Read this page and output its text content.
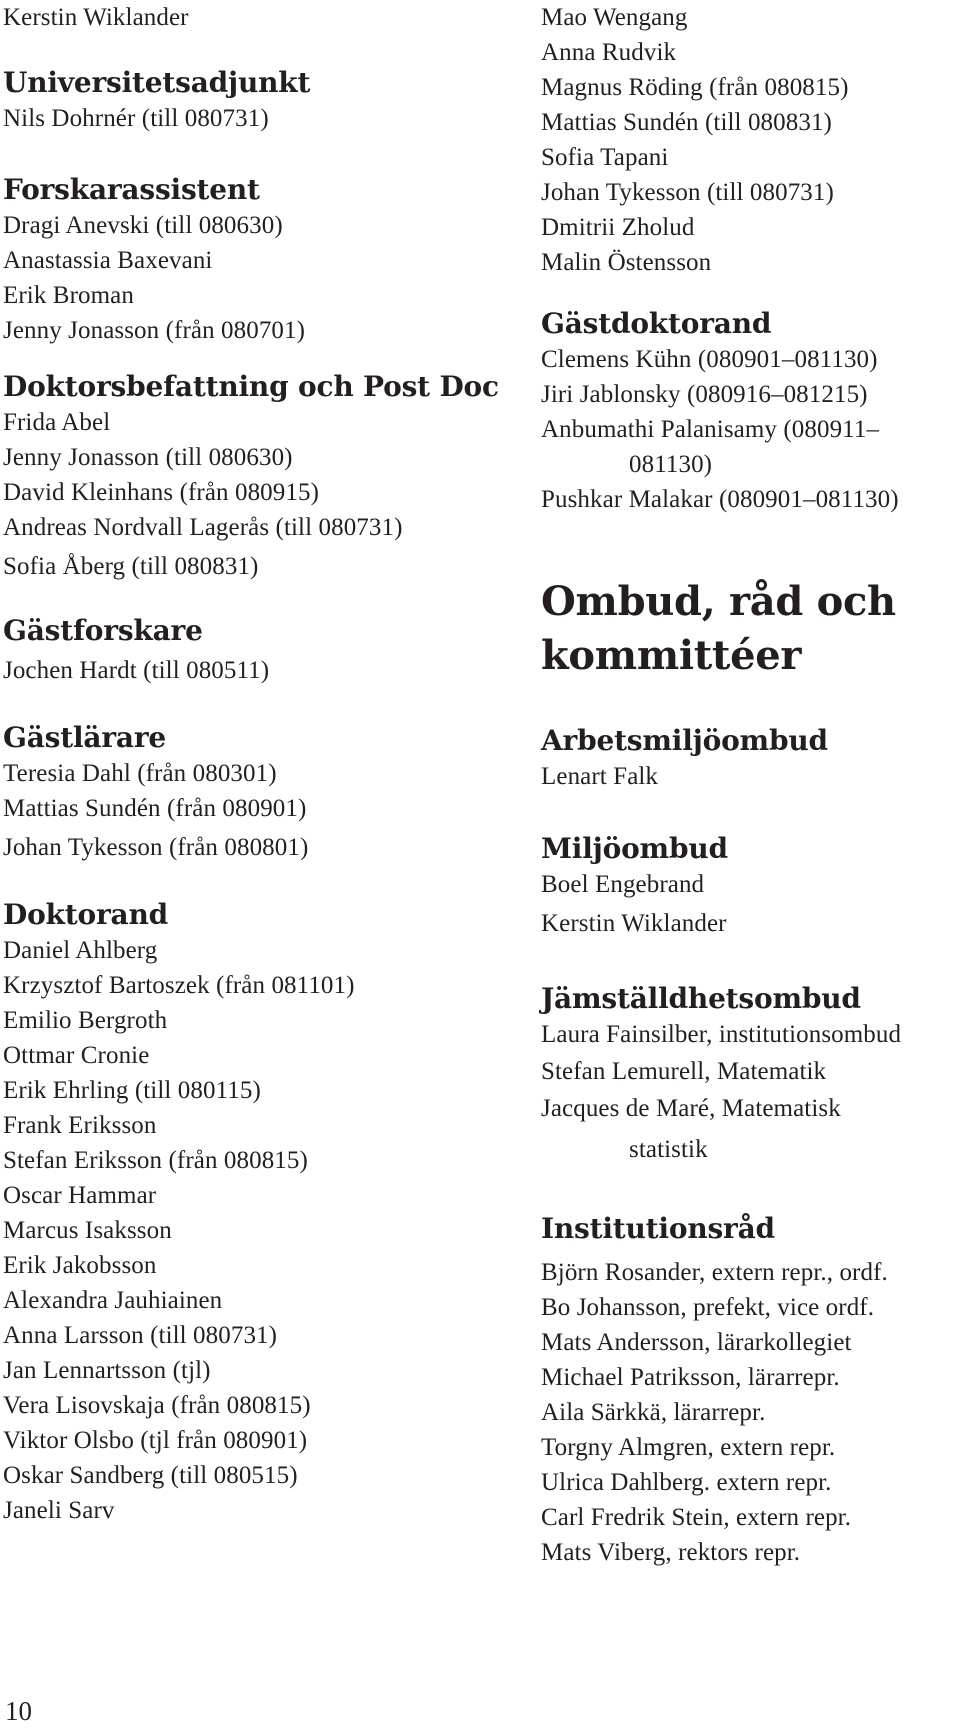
Kerstin Wiklander
Universitetsadjunkt
Nils Dohrnér (till 080731)
Forskarassistent
Dragi Anevski (till 080630)
Anastassia Baxevani
Erik Broman
Jenny Jonasson (från 080701)
Doktorsbefattning och Post Doc
Frida Abel
Jenny Jonasson (till 080630)
David Kleinhans (från 080915)
Andreas Nordvall Lagerås (till 080731)
Sofia Åberg (till 080831)
Gästforskare
Jochen Hardt (till 080511)
Gästlärare
Teresia Dahl (från 080301)
Mattias Sundén (från 080901)
Johan Tykesson (från 080801)
Doktorand
Daniel Ahlberg
Krzysztof Bartoszek (från 081101)
Emilio Bergroth
Ottmar Cronie
Erik Ehrling (till 080115)
Frank Eriksson
Stefan Eriksson (från 080815)
Oscar Hammar
Marcus Isaksson
Erik Jakobsson
Alexandra Jauhiainen
Anna Larsson (till 080731)
Jan Lennartsson (tjl)
Vera Lisovskaja (från 080815)
Viktor Olsbo (tjl från 080901)
Oskar Sandberg (till 080515)
Janeli Sarv
Mao Wengang
Anna Rudvik
Magnus Röding (från 080815)
Mattias Sundén (till 080831)
Sofia Tapani
Johan Tykesson (till 080731)
Dmitrii Zholud
Malin Östensson
Gästdoktorand
Clemens Kühn (080901–081130)
Jiri Jablonsky (080916–081215)
Anbumathi Palanisamy (080911–
081130)
Pushkar Malakar (080901–081130)
Ombud, råd och
kommittéer
Arbetsmiljöombud
Lenart Falk
Miljöombud
Boel Engebrand
Kerstin Wiklander
Jämställdhetsombud
Laura Fainsilber, institutionsombud
Stefan Lemurell, Matematik
Jacques de Maré, Matematisk
statistik
Institutionsråd
Björn Rosander, extern repr., ordf.
Bo Johansson, prefekt, vice ordf.
Mats Andersson, lärarkollegiet
Michael Patriksson, lärarrepr.
Aila Särkkä, lärarrepr.
Torgny Almgren, extern repr.
Ulrica Dahlberg. extern repr.
Carl Fredrik Stein, extern repr.
Mats Viberg, rektors repr.
10
